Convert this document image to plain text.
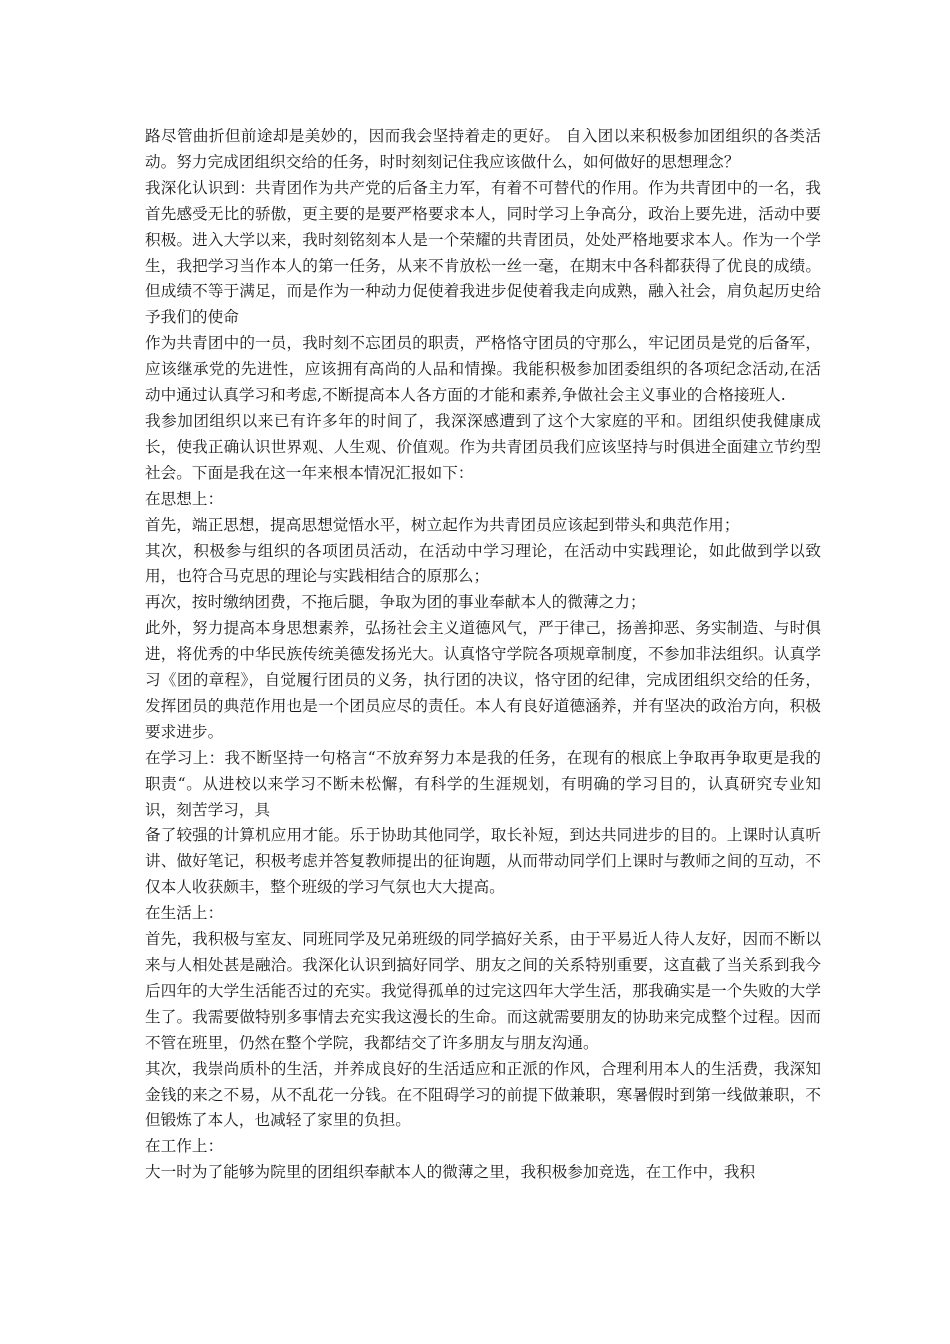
路尽管曲折但前途却是美妙的，因而我会坚持着走的更好。 自入团以来积极参加团组织的各类活动。努力完成团组织交给的任务，时时刻刻记住我应该做什么，如何做好的思想理念？

我深化认识到：共青团作为共产党的后备主力军，有着不可替代的作用。作为共青团中的一名，我首先感受无比的骄傲，更主要的是要严格要求本人，同时学习上争高分，政治上要先进，活动中要积极。进入大学以来，我时刻铭刻本人是一个荣耀的共青团员，处处严格地要求本人。作为一个学生，我把学习当作本人的第一任务，从来不肯放松一丝一毫，在期末中各科都获得了优良的成绩。但成绩不等于满足，而是作为一种动力促使着我进步促使着我走向成熟，融入社会，肩负起历史给予我们的使命

作为共青团中的一员，我时刻不忘团员的职责，严格恪守团员的守那么，牢记团员是党的后备军，应该继承党的先进性，应该拥有高尚的人品和情操。我能积极参加团委组织的各项纪念活动,在活动中通过认真学习和考虑,不断提高本人各方面的才能和素养,争做社会主义事业的合格接班人.

我参加团组织以来已有许多年的时间了，我深深感遭到了这个大家庭的平和。团组织使我健康成长，使我正确认识世界观、人生观、价值观。作为共青团员我们应该坚持与时俱进全面建立节约型社会。下面是我在这一年来根本情况汇报如下：

在思想上：

首先，端正思想，提高思想觉悟水平，树立起作为共青团员应该起到带头和典范作用；

其次，积极参与组织的各项团员活动，在活动中学习理论，在活动中实践理论，如此做到学以致用，也符合马克思的理论与实践相结合的原那么；

再次，按时缴纳团费，不拖后腿，争取为团的事业奉献本人的微薄之力；

此外，努力提高本身思想素养，弘扬社会主义道德风气，严于律己，扬善抑恶、务实制造、与时俱进，将优秀的中华民族传统美德发扬光大。认真恪守学院各项规章制度，不参加非法组织。认真学习《团的章程》，自觉履行团员的义务，执行团的决议，恪守团的纪律，完成团组织交给的任务，发挥团员的典范作用也是一个团员应尽的责任。本人有良好道德涵养，并有坚决的政治方向，积极要求进步。

在学习上：我不断坚持一句格言“不放弃努力本是我的任务，在现有的根底上争取再争取更是我的职责“。从进校以来学习不断未松懈，有科学的生涯规划，有明确的学习目的，认真研究专业知识，刻苦学习，具

备了较强的计算机应用才能。乐于协助其他同学，取长补短，到达共同进步的目的。上课时认真听讲、做好笔记，积极考虑并答复教师提出的征询题，从而带动同学们上课时与教师之间的互动，不仅本人收获颇丰，整个班级的学习气氛也大大提高。

在生活上：

首先，我积极与室友、同班同学及兄弟班级的同学搞好关系，由于平易近人待人友好，因而不断以来与人相处甚是融洽。我深化认识到搞好同学、朋友之间的关系特别重要，这直截了当关系到我今后四年的大学生活能否过的充实。我觉得孤单的过完这四年大学生活，那我确实是一个失败的大学生了。我需要做特别多事情去充实我这漫长的生命。而这就需要朋友的协助来完成整个过程。因而不管在班里，仍然在整个学院，我都结交了许多朋友与朋友沟通。

其次，我崇尚质朴的生活，并养成良好的生活适应和正派的作风，合理利用本人的生活费，我深知金钱的来之不易，从不乱花一分钱。在不阻碍学习的前提下做兼职，寒暑假时到第一线做兼职，不但锻炼了本人，也减轻了家里的负担。

在工作上：

大一时为了能够为院里的团组织奉献本人的微薄之里，我积极参加竞选，在工作中，我积
